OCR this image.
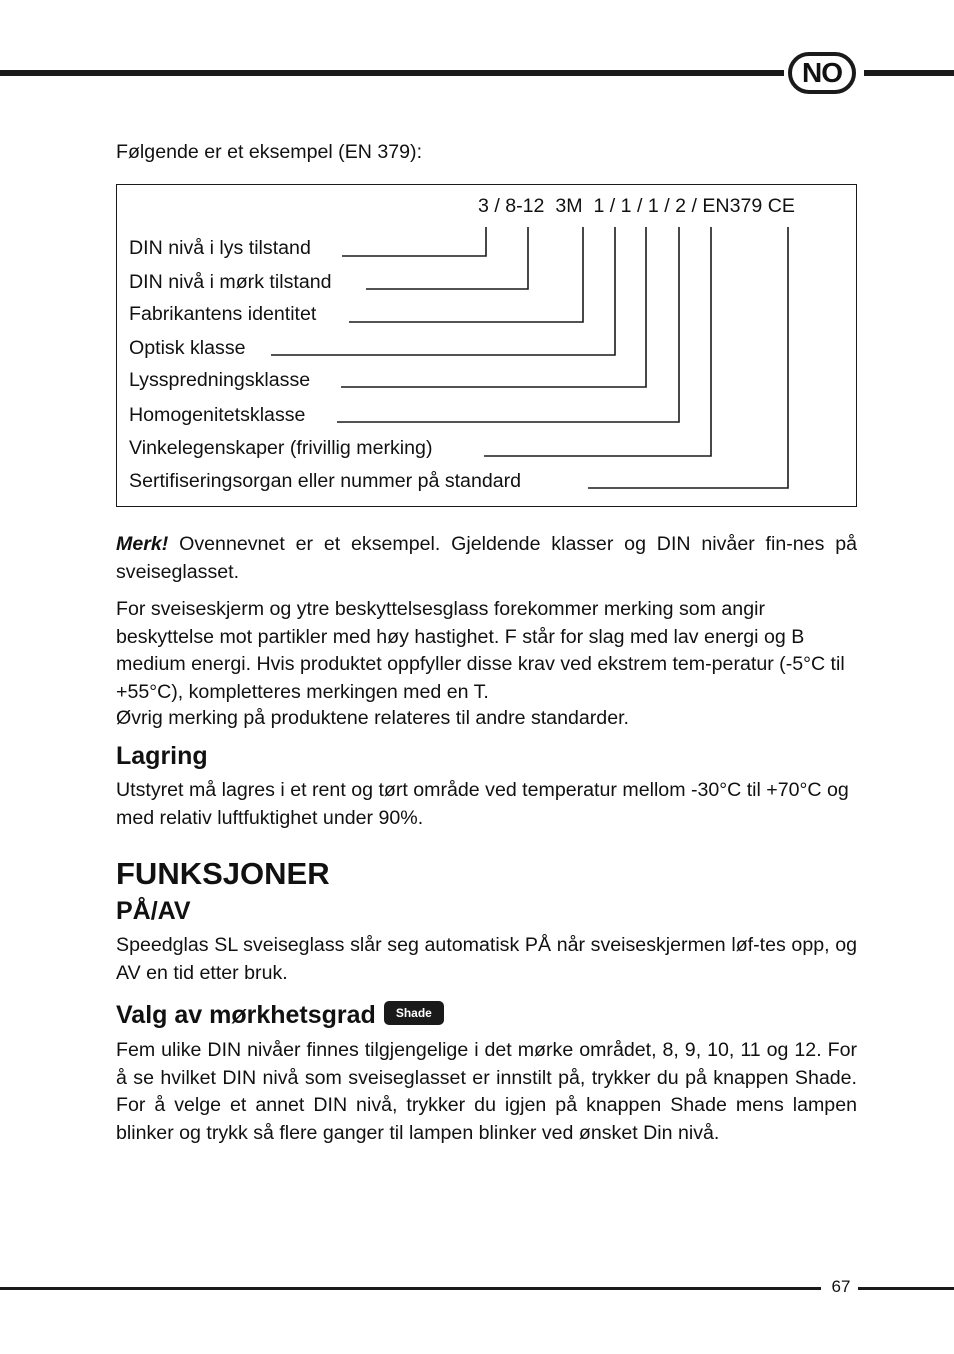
NO
Følgende er et eksempel (EN 379):
3 / 8-12  3M  1 / 1 / 1 / 2 / EN379 CE
DIN nivå i lys tilstand
DIN nivå i mørk tilstand
Fabrikantens identitet
Optisk klasse
Lysspredningsklasse
Homogenitetsklasse
Vinkelegenskaper (frivillig merking)
Sertifiseringsorgan eller nummer på standard
Merk! Ovennevnet er et eksempel. Gjeldende klasser og DIN nivåer fin-nes på sveiseglasset.
For sveiseskjerm og ytre beskyttelsesglass forekommer merking som angir beskyttelse mot partikler med høy hastighet. F står for slag med lav energi og B medium energi. Hvis produktet oppfyller disse krav ved ekstrem tem-peratur (-5°C til +55°C), kompletteres merkingen med en T.
Øvrig merking på produktene relateres til andre standarder.
Lagring
Utstyret må lagres i et rent og tørt område ved temperatur mellom -30°C til +70°C og med relativ luftfuktighet under 90%.
FUNKSJONER
PÅ/AV
Speedglas SL sveiseglass slår seg automatisk PÅ når sveiseskjermen løf-tes opp, og AV en tid etter bruk.
Valg av mørkhetsgrad Shade
Fem ulike DIN nivåer finnes tilgjengelige i det mørke området, 8, 9, 10, 11 og 12. For å se hvilket DIN nivå som sveiseglasset er innstilt på, trykker du på knappen Shade. For å velge et annet DIN nivå, trykker du igjen på knappen Shade mens lampen blinker og trykk så flere ganger til lampen blinker ved ønsket Din nivå.
67
